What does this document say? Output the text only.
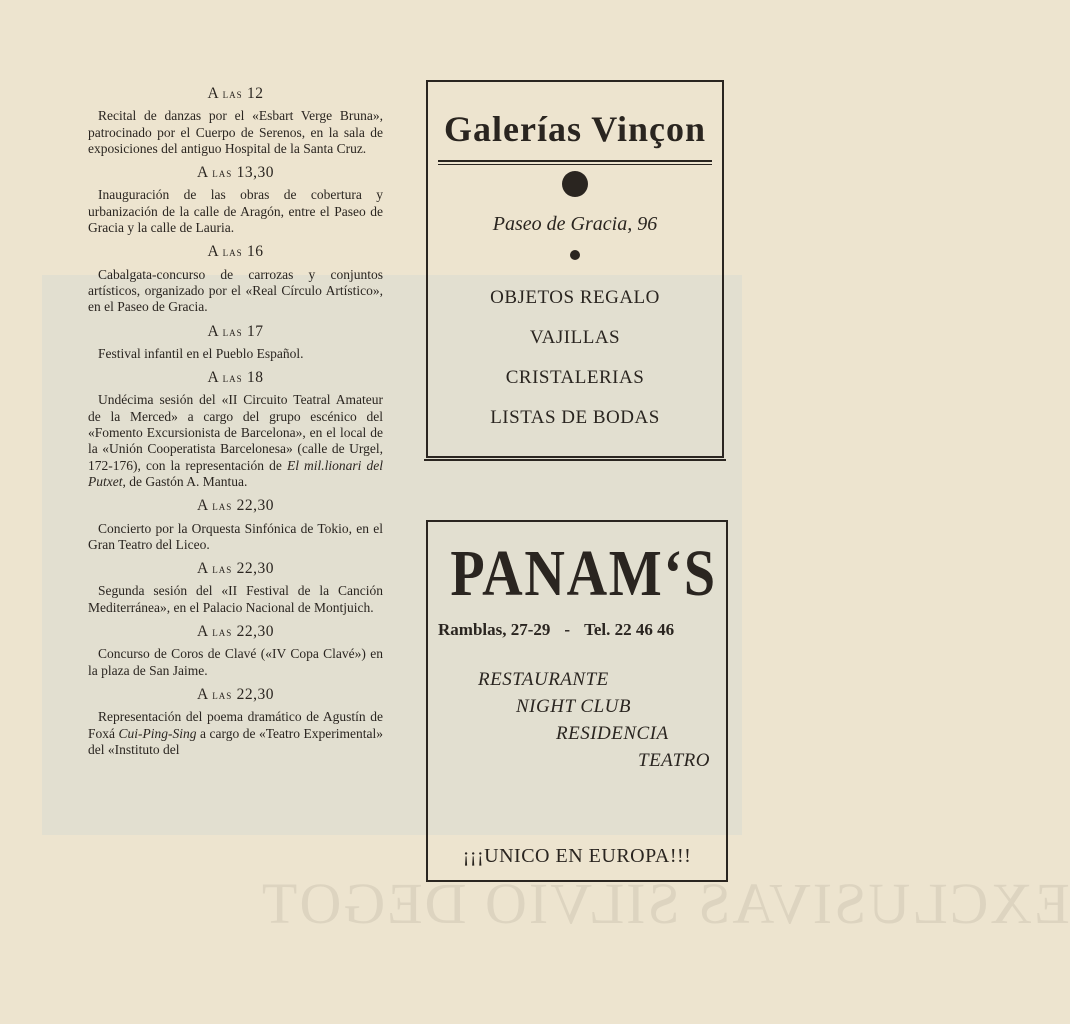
EXCLUSIVAS SILVIO DEGOT
A las 12
Recital de danzas por el «Esbart Verge Bruna», patrocinado por el Cuerpo de Serenos, en la sala de exposiciones del antiguo Hospital de la Santa Cruz.
A las 13,30
Inauguración de las obras de cobertura y urbanización de la calle de Aragón, entre el Paseo de Gracia y la calle de Lauria.
A las 16
Cabalgata-concurso de carrozas y conjuntos artísticos, organizado por el «Real Círculo Artístico», en el Paseo de Gracia.
A las 17
Festival infantil en el Pueblo Español.
A las 18
Undécima sesión del «II Circuito Teatral Amateur de la Merced» a cargo del grupo escénico del «Fomento Excursionista de Barcelona», en el local de la «Unión Cooperatista Barcelonesa» (calle de Urgel, 172-176), con la representación de El mil.lionari del Putxet, de Gastón A. Mantua.
A las 22,30
Concierto por la Orquesta Sinfónica de Tokio, en el Gran Teatro del Liceo.
A las 22,30
Segunda sesión del «II Festival de la Canción Mediterránea», en el Palacio Nacional de Montjuich.
A las 22,30
Concurso de Coros de Clavé («IV Copa Clavé») en la plaza de San Jaime.
A las 22,30
Representación del poema dramático de Agustín de Foxá Cui-Ping-Sing a cargo de «Teatro Experimental» del «Instituto del
Galerías Vinçon
Paseo de Gracia, 96
OBJETOS REGALO
VAJILLAS
CRISTALERIAS
LISTAS DE BODAS
PANAM‘S
Ramblas, 27-29 - Tel. 22 46 46
RESTAURANTE
NIGHT CLUB
RESIDENCIA
TEATRO
¡¡¡UNICO EN EUROPA!!!
